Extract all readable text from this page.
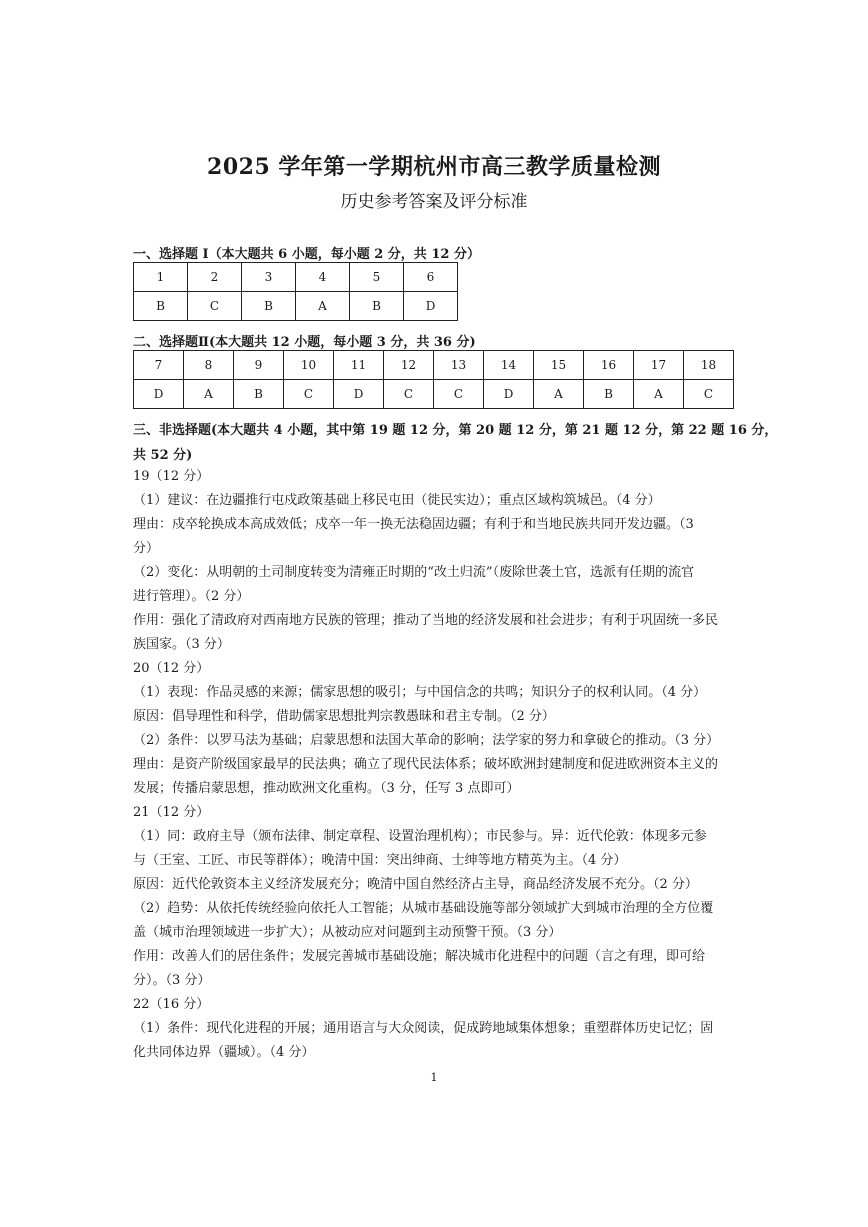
2025 学年第一学期杭州市高三教学质量检测
历史参考答案及评分标准
一、选择题 I（本大题共 6 小题，每小题 2 分，共 12 分）
1	2	3	4	5	6
B	C	B	A	B	D
二、选择题Ⅱ(本大题共 12 小题，每小题 3 分，共 36 分)
7	8	9	10	11	12	13	14	15	16	17	18
D	A	B	C	D	C	C	D	A	B	A	C
三、非选择题(本大题共 4 小题，其中第 19 题 12 分，第 20 题 12 分，第 21 题 12 分，第 22 题 16 分，
共 52 分)
19（12 分）
（1）建议：在边疆推行屯戍政策基础上移民屯田（徙民实边）；重点区域构筑城邑。（4 分）
理由：戍卒轮换成本高成效低；戍卒一年一换无法稳固边疆；有利于和当地民族共同开发边疆。（3
分）
（2）变化：从明朝的土司制度转变为清雍正时期的“改土归流”（废除世袭土官，选派有任期的流官
进行管理）。（2 分）
作用：强化了清政府对西南地方民族的管理；推动了当地的经济发展和社会进步；有利于巩固统一多民
族国家。（3 分）
20（12 分）
（1）表现：作品灵感的来源；儒家思想的吸引；与中国信念的共鸣；知识分子的权利认同。（4 分）
原因：倡导理性和科学，借助儒家思想批判宗教愚昧和君主专制。（2 分）
（2）条件：以罗马法为基础；启蒙思想和法国大革命的影响；法学家的努力和拿破仑的推动。（3 分）
理由：是资产阶级国家最早的民法典；确立了现代民法体系；破坏欧洲封建制度和促进欧洲资本主义的
发展；传播启蒙思想，推动欧洲文化重构。（3 分，任写 3 点即可）
21（12 分）
（1）同：政府主导（颁布法律、制定章程、设置治理机构）；市民参与。异：近代伦敦：体现多元参
与（王室、工匠、市民等群体）；晚清中国：突出绅商、士绅等地方精英为主。（4 分）
原因：近代伦敦资本主义经济发展充分；晚清中国自然经济占主导，商品经济发展不充分。（2 分）
（2）趋势：从依托传统经验向依托人工智能；从城市基础设施等部分领域扩大到城市治理的全方位覆
盖（城市治理领域进一步扩大）；从被动应对问题到主动预警干预。（3 分）
作用：改善人们的居住条件；发展完善城市基础设施；解决城市化进程中的问题（言之有理，即可给
分）。（3 分）
22（16 分）
（1）条件：现代化进程的开展；通用语言与大众阅读，促成跨地域集体想象；重塑群体历史记忆；固
化共同体边界（疆域）。（4 分）
1
